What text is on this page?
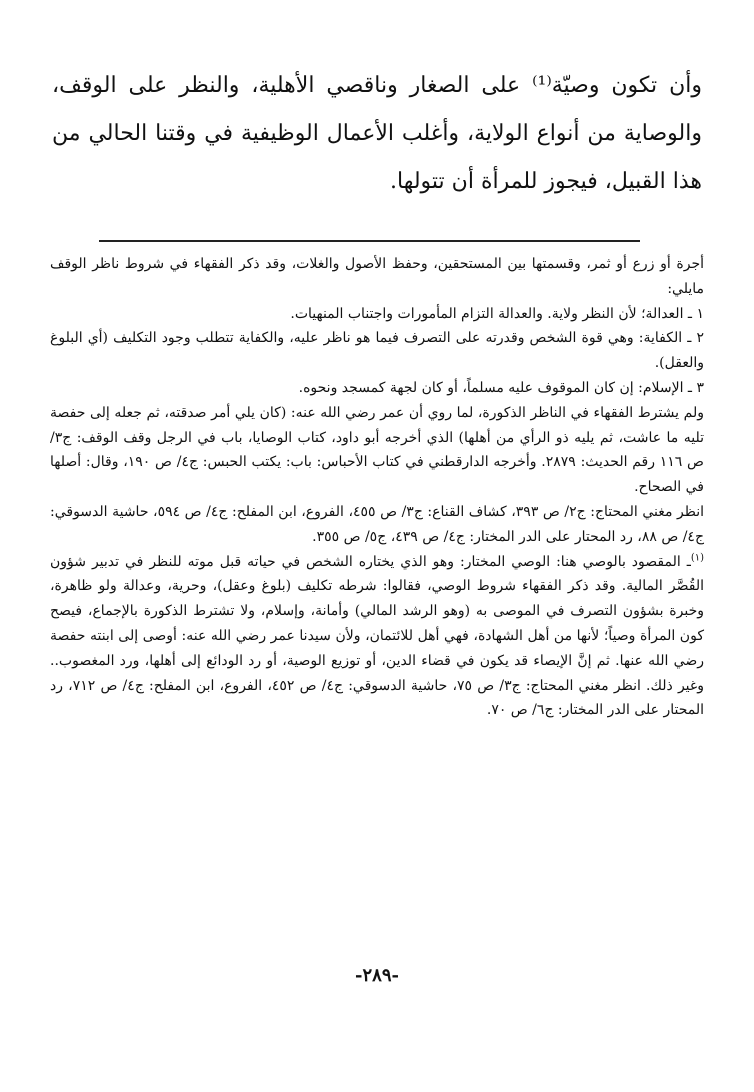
وأن تكون وصيّة⁽¹⁾ على الصغار وناقصي الأهلية، والنظر على الوقف، والوصاية من أنواع الولاية، وأغلب الأعمال الوظيفية في وقتنا الحالي من هذا القبيل، فيجوز للمرأة أن تتولها.

أجرة أو زرع أو ثمر، وقسمتها بين المستحقين، وحفظ الأصول والغلات، وقد ذكر الفقهاء في شروط ناظر الوقف مايلي:

١ ـ العدالة؛ لأن النظر ولاية. والعدالة التزام المأمورات واجتناب المنهيات.

٢ ـ الكفاية: وهي قوة الشخص وقدرته على التصرف فيما هو ناظر عليه، والكفاية تتطلب وجود التكليف (أي البلوغ والعقل).

٣ ـ الإسلام: إن كان الموقوف عليه مسلماً، أو كان لجهة كمسجد ونحوه.

ولم يشترط الفقهاء في الناظر الذكورة، لما روي أن عمر رضي الله عنه: (كان يلي أمر صدقته، ثم جعله إلى حفصة تليه ما عاشت، ثم يليه ذو الرأي من أهلها) الذي أخرجه أبو داود، كتاب الوصايا، باب في الرجل وقف الوقف: ج٣/ ص ١١٦ رقم الحديث: ٢٨٧٩. وأخرجه الدارقطني في كتاب الأحباس: باب: يكتب الحبس: ج٤/ ص ١٩٠، وقال: أصلها في الصحاح.

انظر مغني المحتاج: ج٢/ ص ٣٩٣، كشاف القناع: ج٣/ ص ٤٥٥، الفروع، ابن المفلح: ج٤/ ص ٥٩٤، حاشية الدسوقي: ج٤/ ص ٨٨، رد المحتار على الدر المختار: ج٤/ ص ٤٣٩، ج٥/ ص ٣٥٥.

$^{(١)}$ـ المقصود بالوصي هنا: الوصي المختار: وهو الذي يختاره الشخص في حياته قبل موته للنظر في تدبير شؤون القُصَّر المالية. وقد ذكر الفقهاء شروط الوصي، فقالوا: شرطه تكليف (بلوغ وعقل)، وحرية، وعدالة ولو ظاهرة، وخبرة بشؤون التصرف في الموصى به (وهو الرشد المالي) وأمانة، وإسلام، ولا تشترط الذكورة بالإجماع، فيصح كون المرأة وصياً؛ لأنها من أهل الشهادة، فهي أهل للائتمان، ولأن سيدنا عمر رضي الله عنه: أوصى إلى ابنته حفصة رضي الله عنها. ثم إنَّ الإيصاء قد يكون في قضاء الدين، أو توزيع الوصية، أو رد الودائع إلى أهلها، ورد المغصوب.. وغير ذلك. انظر مغني المحتاج: ج٣/ ص ٧٥، حاشية الدسوقي: ج٤/ ص ٤٥٢، الفروع، ابن المفلح: ج٤/ ص ٧١٢، رد المحتار على الدر المختار: ج٦/ ص ٧٠.

-٢٨٩-
